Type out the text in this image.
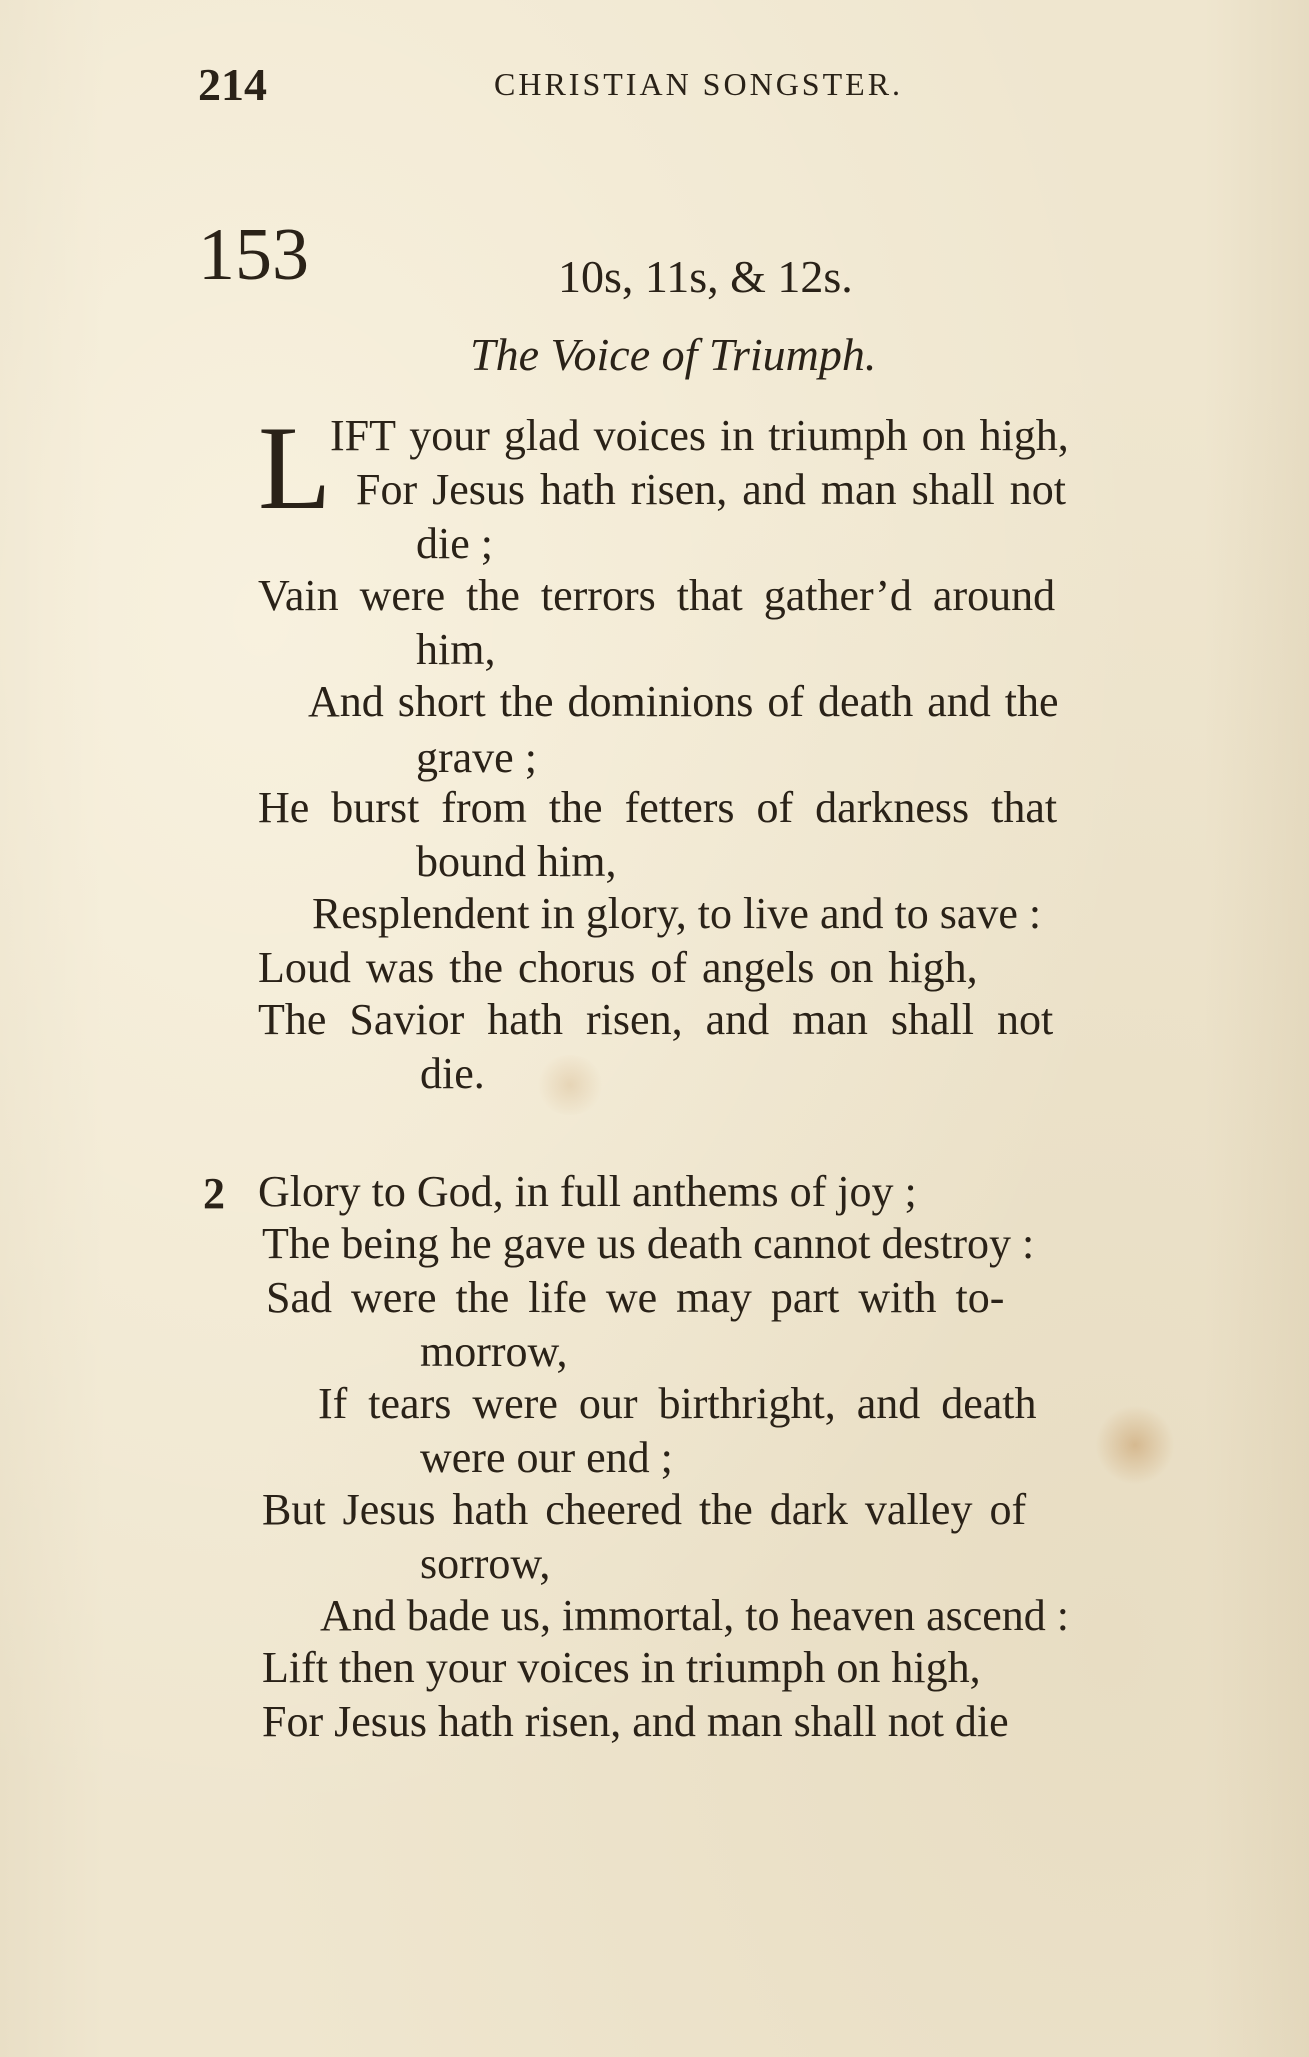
214	CHRISTIAN SONGSTER.
153	10s, 11s, & 12s.
The Voice of Triumph.
L
IFT your glad voices in triumph on high,
For Jesus hath risen, and man shall not
die ;
Vain were the terrors that gather’d around
him,
And short the dominions of death and the
grave ;
He burst from the fetters of darkness that
bound him,
Resplendent in glory, to live and to save :
Loud was the chorus of angels on high,
The Savior hath risen, and man shall not
die.
2 Glory to God, in full anthems of joy ;
The being he gave us death cannot destroy :
Sad were the life we may part with to-
morrow,
If tears were our birthright, and death
were our end ;
But Jesus hath cheered the dark valley of
sorrow,
And bade us, immortal, to heaven ascend :
Lift then your voices in triumph on high,
For Jesus hath risen, and man shall not die
